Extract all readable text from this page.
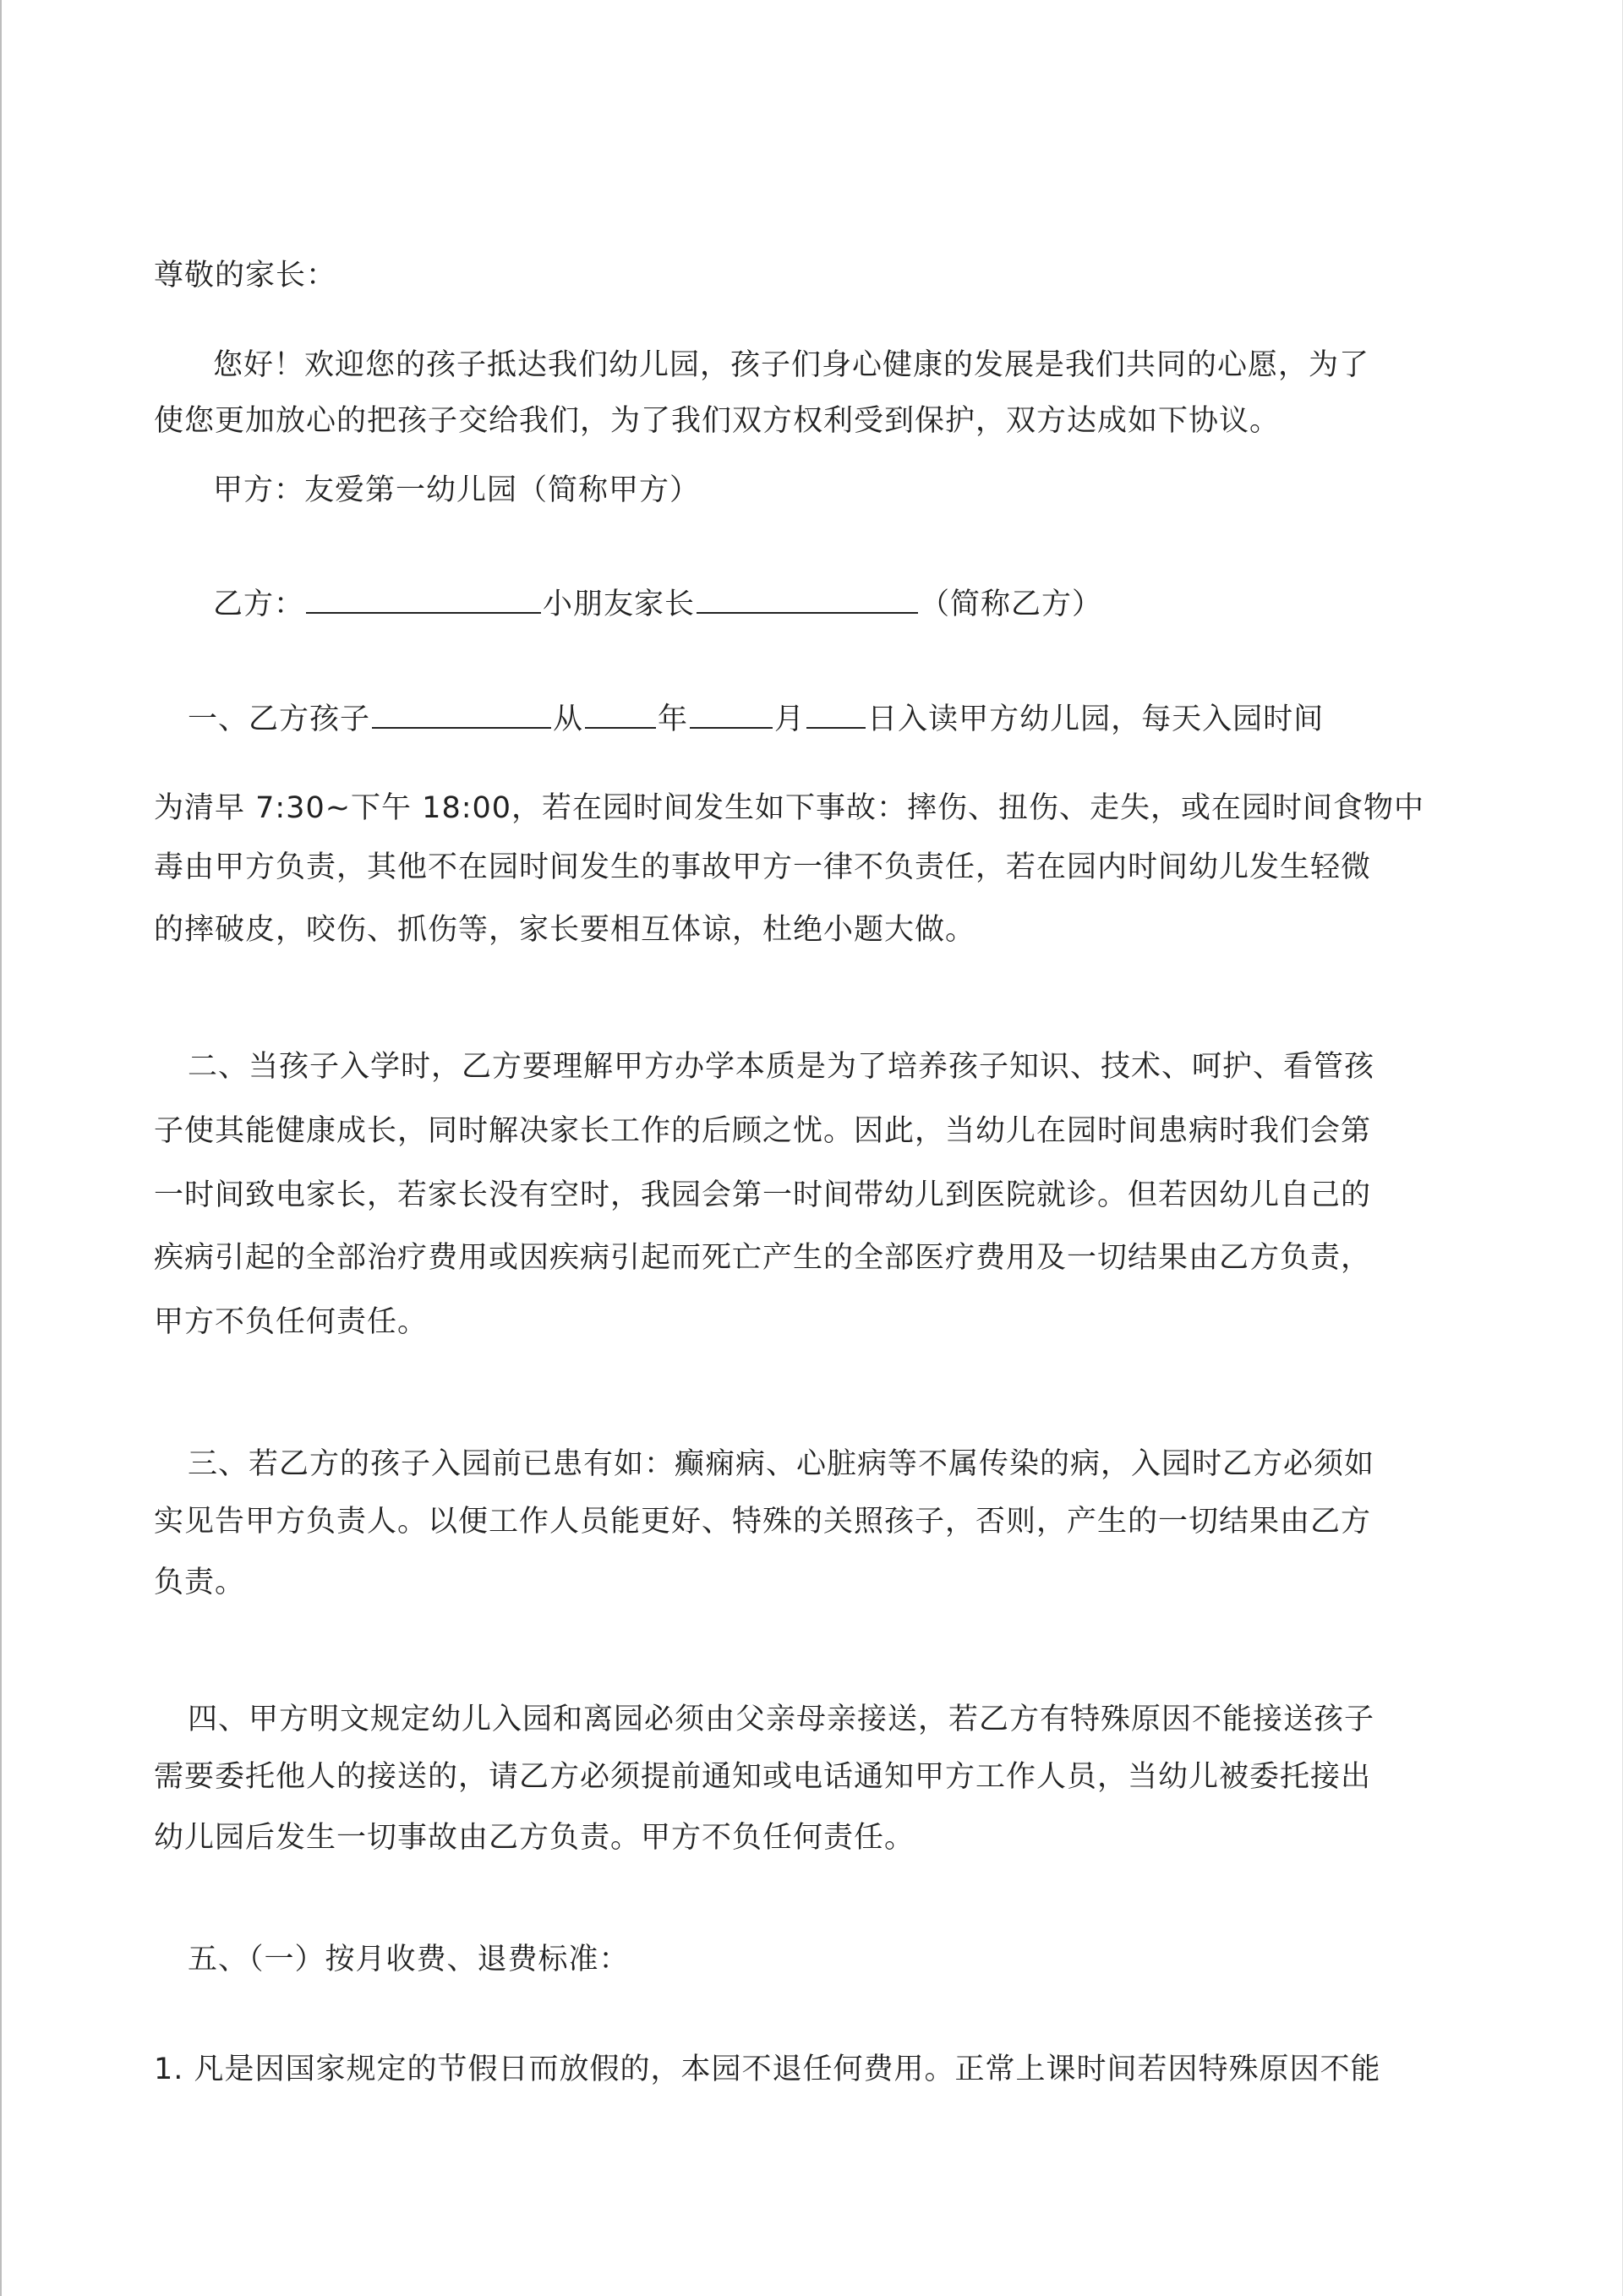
尊敬的家长：
您好！欢迎您的孩子抵达我们幼儿园，孩子们身心健康的发展是我们共同的心愿，为了
使您更加放心的把孩子交给我们，为了我们双方权利受到保护，双方达成如下协议。
甲方：友爱第一幼儿园（简称甲方）
乙方：	小朋友家长	（简称乙方）
一、乙方孩子	从	年	月 日入读甲方幼儿园，每天入园时间
为清早 7:30~下午 18:00，若在园时间发生如下事故：摔伤、扭伤、走失，或在园时间食物中
毒由甲方负责，其他不在园时间发生的事故甲方一律不负责任，若在园内时间幼儿发生轻微
的摔破皮，咬伤、抓伤等，家长要相互体谅，杜绝小题大做。
二、当孩子入学时，乙方要理解甲方办学本质是为了培养孩子知识、技术、呵护、看管孩
子使其能健康成长，同时解决家长工作的后顾之忧。因此，当幼儿在园时间患病时我们会第
一时间致电家长，若家长没有空时，我园会第一时间带幼儿到医院就诊。但若因幼儿自己的
疾病引起的全部治疗费用或因疾病引起而死亡产生的全部医疗费用及一切结果由乙方负责，
甲方不负任何责任。
三、若乙方的孩子入园前已患有如：癫痫病、心脏病等不属传染的病，入园时乙方必须如
实见告甲方负责人。以便工作人员能更好、特殊的关照孩子，否则，产生的一切结果由乙方
负责。
四、甲方明文规定幼儿入园和离园必须由父亲母亲接送，若乙方有特殊原因不能接送孩子
需要委托他人的接送的，请乙方必须提前通知或电话通知甲方工作人员，当幼儿被委托接出
幼儿园后发生一切事故由乙方负责。甲方不负任何责任。
五、（一）按月收费、退费标准：
1. 凡是因国家规定的节假日而放假的，本园不退任何费用。正常上课时间若因特殊原因不能
